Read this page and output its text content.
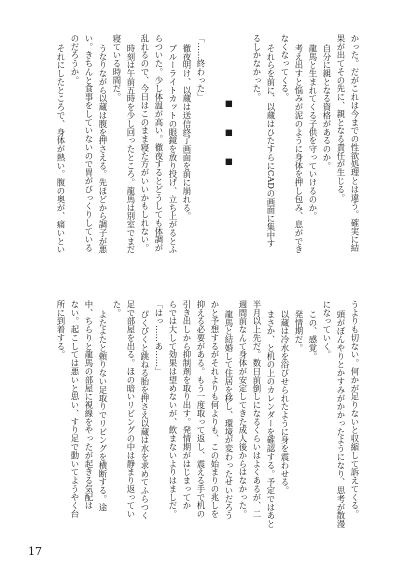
かった。だがこれは今までの性欲処理とは違う。確実に結
果が出てその先に、親となる責任が生じる。
自分に親となる資格があるのか。
龍馬と生まれてくる子供を守っていけるのか。
考え出すと悩みが泥のように身体を押し包み、息ができ
なくなってくる。
それらを前に、以蔵はひたすらにCADの画面に集中す
るしかなかった。
■
■
■
「……終わった」
徹夜明け、以蔵は送信終了画面を前に崩れる。
ブルーライトカットの眼鏡を放り投げ、立ち上がるとふ
らついた。少し体温が高い。徹夜するとどうしても体調が
乱れるので、今日はこのまま寝た方がいいかもしれない。
時刻は午前五時を少し回ったところ。龍馬は別室でまだ
寝ている時間だ。
うなりながら以蔵は腹を押さえる。先ほどから調子が悪
い。きちんと食事をしていないので胃がびっくりしている
のだろうか。
それにしたところで、身体が熱い。腹の奥が、痛いとい
うよりも切ない。何かが足りないと収縮して訴えてくる。
頭がぼんやりとかすみがかかったようになり、思考が散漫
になっていく。
この、感覚。
発情期だ。
以蔵は冷水を浴びせられたように身を震わせる。
まさか、と机の上のカレンダーを確認する。予定ではあと
半月以上先だ。数日前倒しになるくらいはよくあるが、二
週間前なんて身体が安定してきた成人後からはなかった。
龍馬と結婚して住居を移し、環境が変わったせいだろう
かと予想するがそれよりも何よりも、この始まりの兆しを
抑える必要がある。もう一度取って返し、震える手で机の
引き出しから抑制剤を取り出す。発情期がはじまってか
らでは大して効果は望めないが、飲まないよりはましだ。
「はっ……あ……」
ぴくぴくと跳ねる胎を押さえ以蔵は水を求めてふらつく
足で部屋を出る。ほの暗いリビングの中は静まり返ってい
た。
よたよたと頼りない足取りでリビングを横断する。途
中、ちらりと龍馬の部屋に視線をやったが起きる気配は
ない。起こしては悪いと思い、すり足で動いてようやく台
所に到着する。
17
